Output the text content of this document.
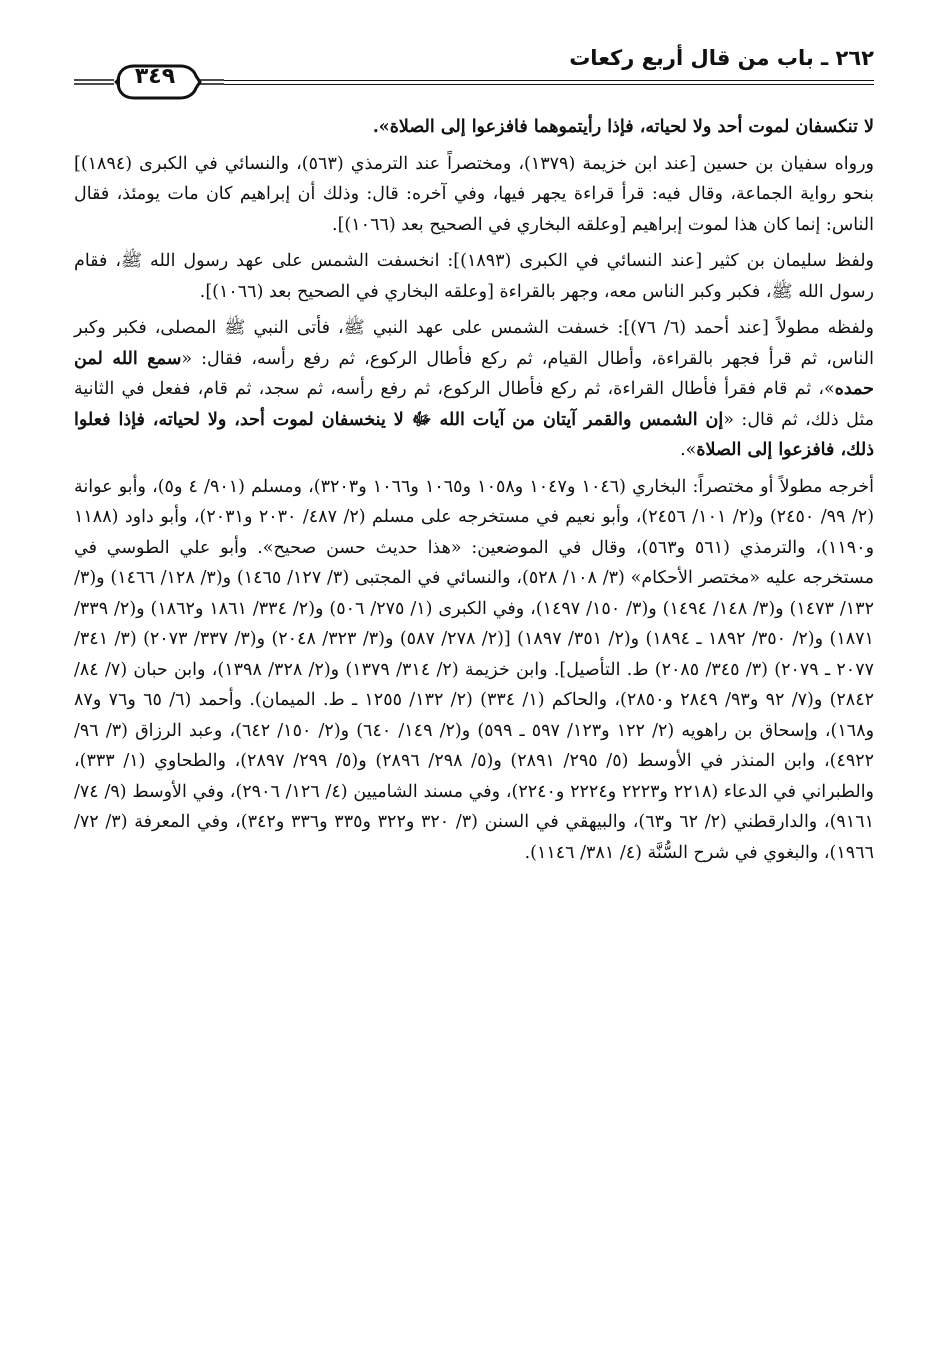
٢٦٢ ـ باب من قال أربع ركعات
٣٤٩

لا تنكسفان لموت أحد ولا لحياته، فإذا رأيتموهما فافزعوا إلى الصلاة».

ورواه سفيان بن حسين [عند ابن خزيمة (١٣٧٩)، ومختصراً عند الترمذي (٥٦٣)، والنسائي في الكبرى (١٨٩٤)] بنحو رواية الجماعة، وقال فيه: قرأ قراءة يجهر فيها، وفي آخره: قال: وذلك أن إبراهيم كان مات يومئذ، فقال الناس: إنما كان هذا لموت إبراهيم [وعلقه البخاري في الصحيح بعد (١٠٦٦)].

ولفظ سليمان بن كثير [عند النسائي في الكبرى (١٨٩٣)]: انخسفت الشمس على عهد رسول الله ﷺ، فقام رسول الله ﷺ، فكبر وكبر الناس معه، وجهر بالقراءة [وعلقه البخاري في الصحيح بعد (١٠٦٦)].

ولفظه مطولاً [عند أحمد (٦/ ٧٦)]: خسفت الشمس على عهد النبي ﷺ، فأتى النبي ﷺ المصلى، فكبر وكبر الناس، ثم قرأ فجهر بالقراءة، وأطال القيام، ثم ركع فأطال الركوع، ثم رفع رأسه، فقال: «سمع الله لمن حمده»، ثم قام فقرأ فأطال القراءة، ثم ركع فأطال الركوع، ثم رفع رأسه، ثم سجد، ثم قام، ففعل في الثانية مثل ذلك، ثم قال: «إن الشمس والقمر آيتان من آيات الله ﷻ لا ينخسفان لموت أحد، ولا لحياته، فإذا فعلوا ذلك، فافزعوا إلى الصلاة».

أخرجه مطولاً أو مختصراً: البخاري (١٠٤٦ و١٠٤٧ و١٠٥٨ و١٠٦٥ و١٠٦٦ و٣٢٠٣)، ومسلم (٩٠١/ ٤ و٥)، وأبو عوانة (٢/ ٩٩/ ٢٤٥٠) و(٢/ ١٠١/ ٢٤٥٦)، وأبو نعيم في مستخرجه على مسلم (٢/ ٤٨٧/ ٢٠٣٠ و٢٠٣١)، وأبو داود (١١٨٨ و١١٩٠)، والترمذي (٥٦١ و٥٦٣)، وقال في الموضعين: «هذا حديث حسن صحيح». وأبو علي الطوسي في مستخرجه عليه «مختصر الأحكام» (٣/ ١٠٨/ ٥٢٨)، والنسائي في المجتبى (٣/ ١٢٧/ ١٤٦٥) و(٣/ ١٢٨/ ١٤٦٦) و(٣/ ١٣٢/ ١٤٧٣) و(٣/ ١٤٨/ ١٤٩٤) و(٣/ ١٥٠/ ١٤٩٧)، وفي الكبرى (١/ ٢٧٥/ ٥٠٦) و(٢/ ٣٣٤/ ١٨٦١ و١٨٦٢) و(٢/ ٣٣٩/ ١٨٧١) و(٢/ ٣٥٠/ ١٨٩٢ ـ ١٨٩٤) و(٢/ ٣٥١/ ١٨٩٧) [(٢/ ٢٧٨/ ٥٨٧) و(٣/ ٣٢٣/ ٢٠٤٨) و(٣/ ٣٣٧/ ٢٠٧٣) (٣/ ٣٤١/ ٢٠٧٧ ـ ٢٠٧٩) (٣/ ٣٤٥/ ٢٠٨٥) ط. التأصيل]. وابن خزيمة (٢/ ٣١٤/ ١٣٧٩) و(٢/ ٣٢٨/ ١٣٩٨)، وابن حبان (٧/ ٨٤/ ٢٨٤٢) و(٧/ ٩٢ و٩٣/ ٢٨٤٩ و٢٨٥٠)، والحاكم (١/ ٣٣٤) (٢/ ١٣٢/ ١٢٥٥ ـ ط. الميمان). وأحمد (٦/ ٦٥ و٧٦ و٨٧ و١٦٨)، وإسحاق بن راهويه (٢/ ١٢٢ و١٢٣/ ٥٩٧ ـ ٥٩٩) و(٢/ ١٤٩/ ٦٤٠) و(٢/ ١٥٠/ ٦٤٢)، وعبد الرزاق (٣/ ٩٦/ ٤٩٢٢)، وابن المنذر في الأوسط (٥/ ٢٩٥/ ٢٨٩١) و(٥/ ٢٩٨/ ٢٨٩٦) و(٥/ ٢٩٩/ ٢٨٩٧)، والطحاوي (١/ ٣٣٣)، والطبراني في الدعاء (٢٢١٨ و٢٢٢٣ و٢٢٢٤ و٢٢٤٠)، وفي مسند الشاميين (٤/ ١٢٦/ ٢٩٠٦)، وفي الأوسط (٩/ ٧٤/ ٩١٦١)، والدارقطني (٢/ ٦٢ و٦٣)، والبيهقي في السنن (٣/ ٣٢٠ و٣٢٢ و٣٣٥ و٣٣٦ و٣٤٢)، وفي المعرفة (٣/ ٧٢/ ١٩٦٦)، والبغوي في شرح السُّنَّة (٤/ ٣٨١/ ١١٤٦).
